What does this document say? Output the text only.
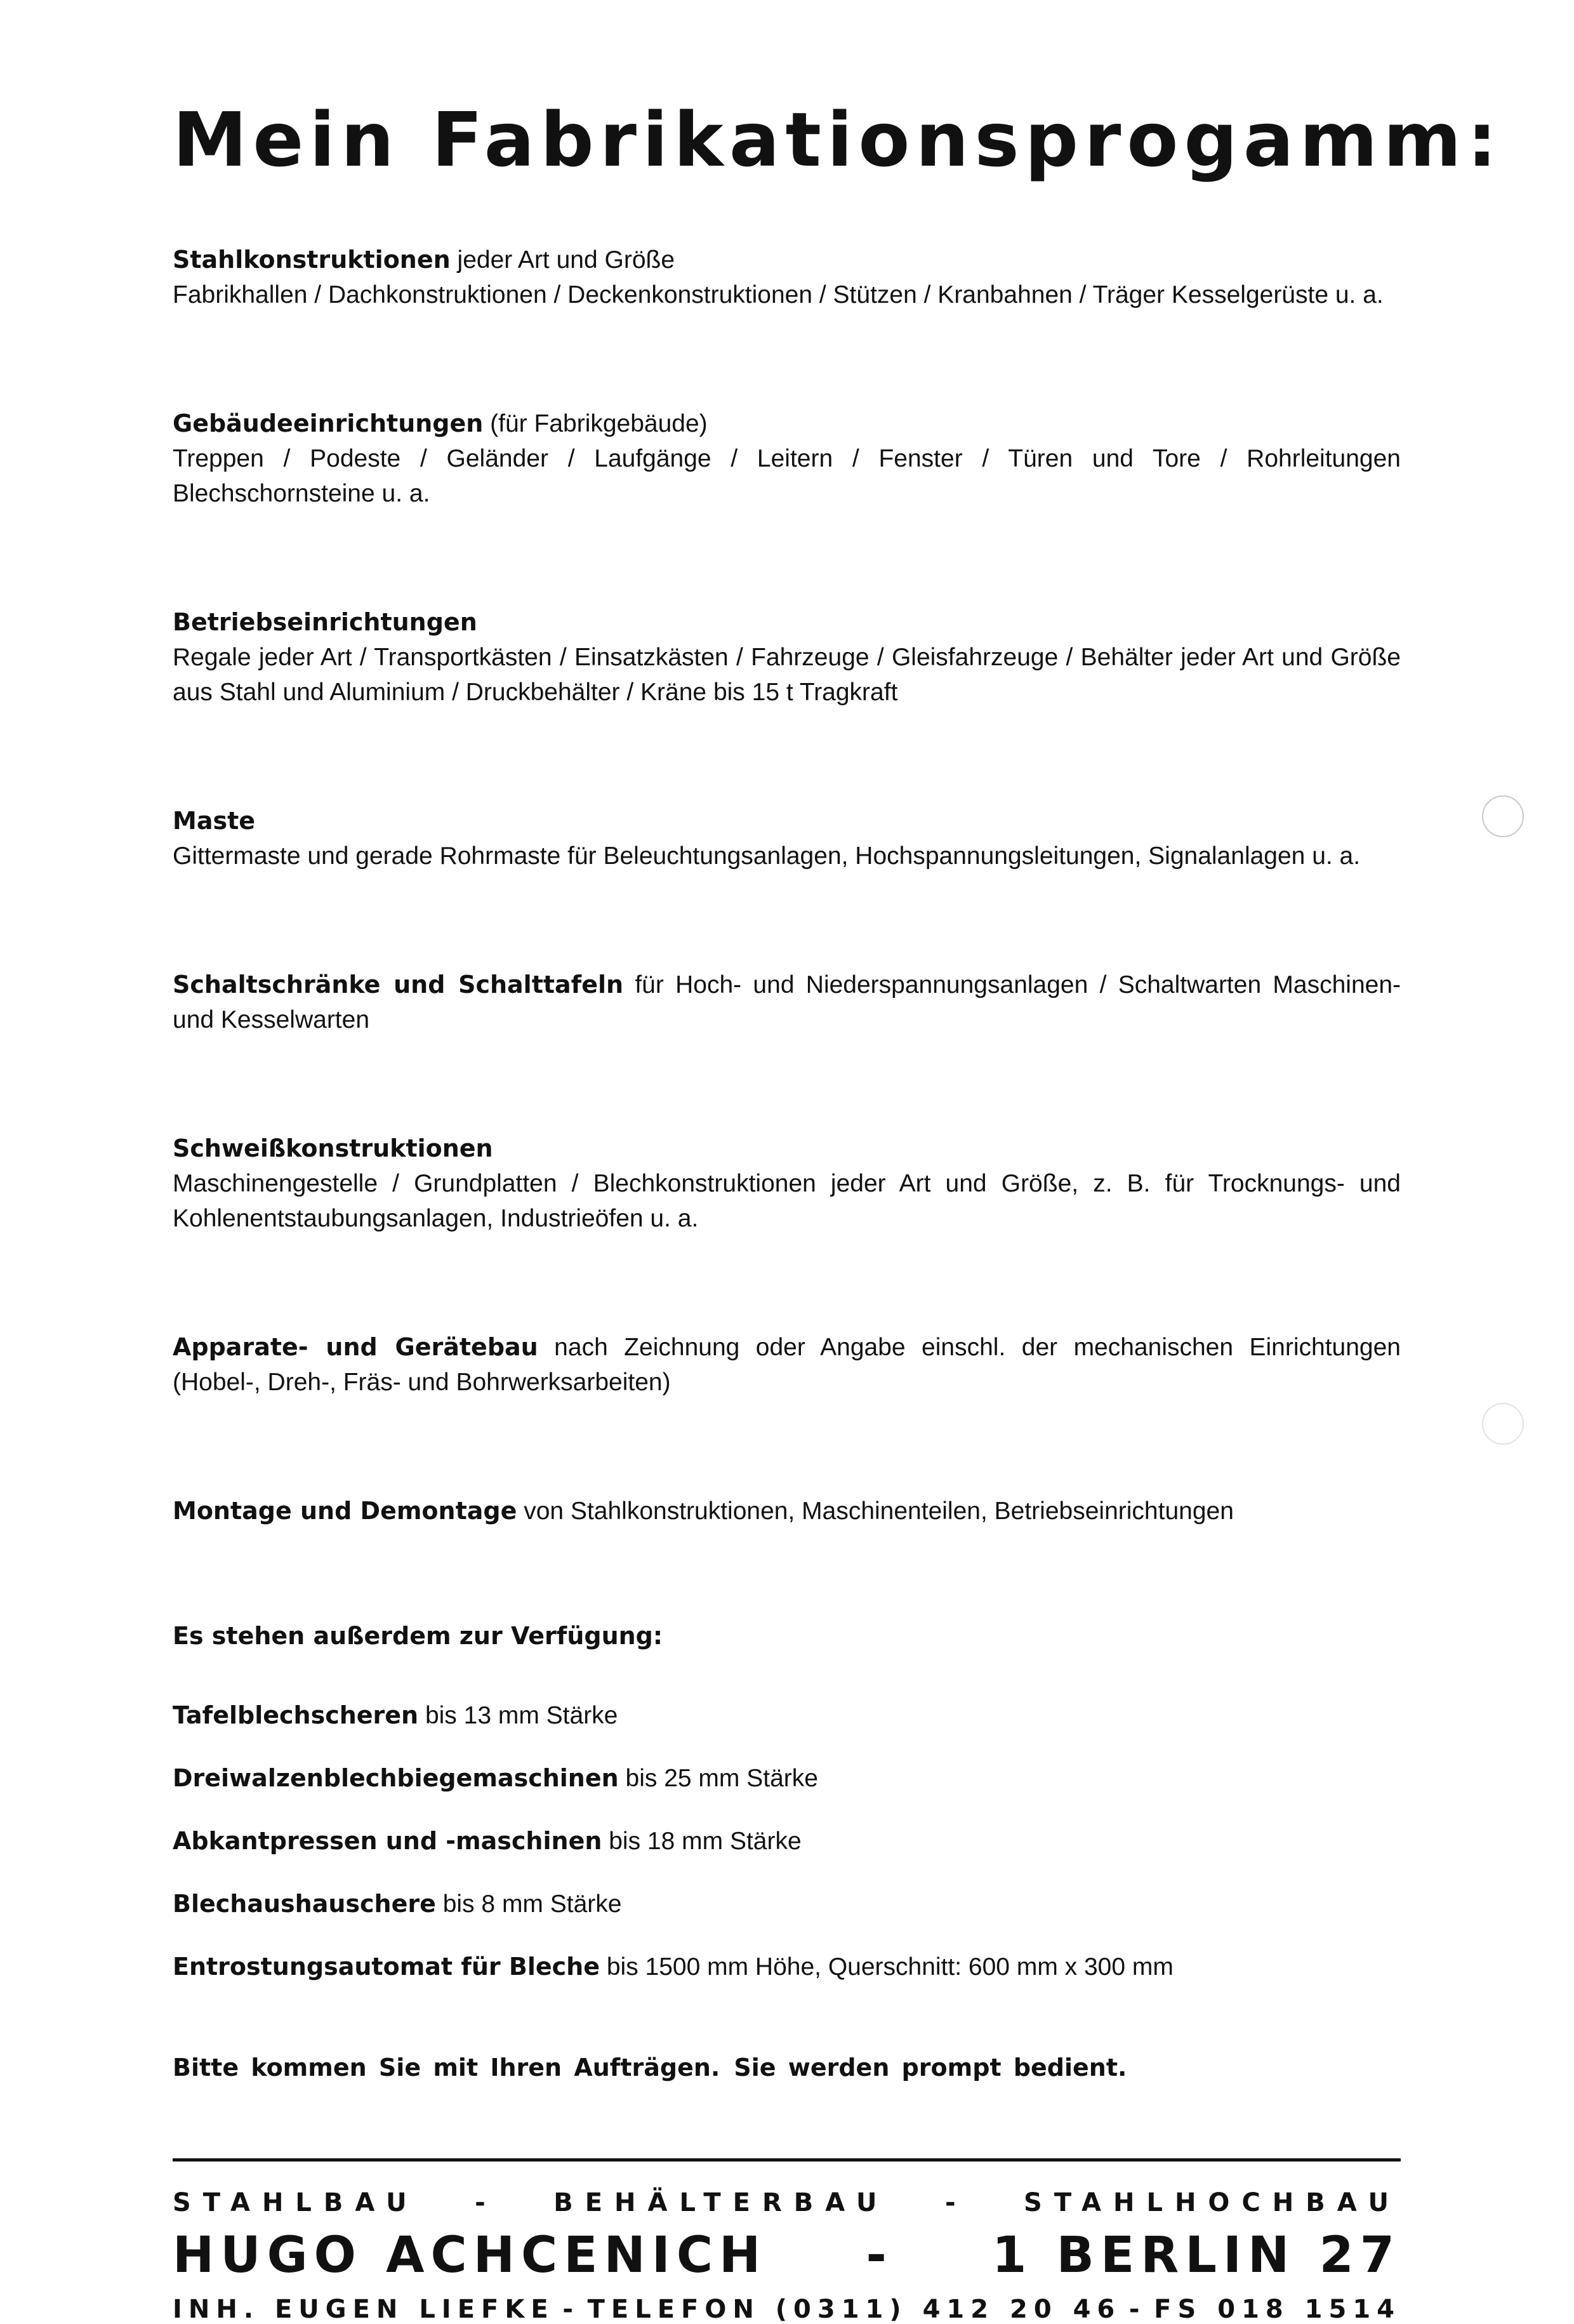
Mein Fabrikationsprogamm:

Stahlkonstruktionen jeder Art und Größe

Fabrikhallen / Dachkonstruktionen / Deckenkonstruktionen / Stützen / Kranbahnen / Träger Kesselgerüste u. a.

Gebäudeeinrichtungen (für Fabrikgebäude)

Treppen / Podeste / Geländer / Laufgänge / Leitern / Fenster / Türen und Tore / Rohrleitungen Blechschornsteine u. a.

Betriebseinrichtungen

Regale jeder Art / Transportkästen / Einsatzkästen / Fahrzeuge / Gleisfahrzeuge / Behälter jeder Art und Größe aus Stahl und Aluminium / Druckbehälter / Kräne bis 15 t Tragkraft

Maste

Gittermaste und gerade Rohrmaste für Beleuchtungsanlagen, Hochspannungsleitungen, Signalanlagen u. a.

Schaltschränke und Schalttafeln für Hoch- und Niederspannungsanlagen / Schaltwarten Maschinen- und Kesselwarten

Schweißkonstruktionen

Maschinengestelle / Grundplatten / Blechkonstruktionen jeder Art und Größe, z. B. für Trocknungs- und Kohlenentstaubungsanlagen, Industrieöfen u. a.

Apparate- und Gerätebau nach Zeichnung oder Angabe einschl. der mechanischen Einrichtungen (Hobel-, Dreh-, Fräs- und Bohrwerksarbeiten)

Montage und Demontage von Stahlkonstruktionen, Maschinenteilen, Betriebseinrichtungen

Es stehen außerdem zur Verfügung:
Tafelblechscheren bis 13 mm Stärke
Dreiwalzenblechbiegemaschinen bis 25 mm Stärke
Abkantpressen und -maschinen bis 18 mm Stärke
Blechaushauschere bis 8 mm Stärke
Entrostungsautomat für Bleche bis 1500 mm Höhe, Querschnitt: 600 mm x 300 mm
Bitte kommen Sie mit Ihren Aufträgen. Sie werden prompt bedient.
STAHLBAU - BEHÄLTERBAU - STAHLHOCHBAU
HUGO ACHCENICH - 1 BERLIN 27
INH. EUGEN LIEFKE - TELEFON (0311) 412 20 46 - FS 018 1514
